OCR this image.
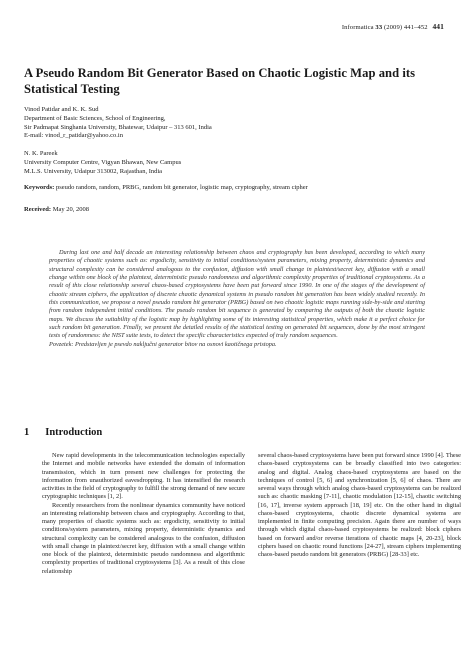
Informatica 33 (2009) 441–452 441
A Pseudo Random Bit Generator Based on Chaotic Logistic Map and its Statistical Testing
Vinod Patidar and K. K. Sud
Department of Basic Sciences, School of Engineering,
Sir Padmapat Singhania University, Bhatewar, Udaipur – 313 601, India
E-mail: vinod_r_patidar@yahoo.co.in
N. K. Pareek
University Computer Centre, Vigyan Bhawan, New Campus
M.L.S. University, Udaipur 313002, Rajasthan, India
Keywords: pseudo random, random, PRBG, random bit generator, logistic map, cryptography, stream cipher
Received: May 20, 2008
During last one and half decade an interesting relationship between chaos and cryptography has been developed, according to which many properties of chaotic systems such as: ergodicity, sensitivity to initial conditions/system parameters, mixing property, deterministic dynamics and structural complexity can be considered analogous to the confusion, diffusion with small change in plaintext/secret key, diffusion with a small change within one block of the plaintext, deterministic pseudo randomness and algorithmic complexity properties of traditional cryptosystems. As a result of this close relationship several chaos-based cryptosystems have been put forward since 1990. In one of the stages of the development of chaotic stream ciphers, the application of discrete chaotic dynamical systems in pseudo random bit generation has been widely studied recently. In this communication, we propose a novel pseudo random bit generator (PRBG) based on two chaotic logistic maps running side-by-side and starting from random independent initial conditions. The pseudo random bit sequence is generated by comparing the outputs of both the chaotic logistic maps. We discuss the suitability of the logistic map by highlighting some of its interesting statistical properties, which make it a perfect choice for such random bit generation. Finally, we present the detailed results of the statistical testing on generated bit sequences, done by the most stringent tests of randomness: the NIST suite tests, to detect the specific characteristics expected of truly random sequences.
Povzetek: Predstavljen je psevdo naključni generator bitov na osnovi kaotičnega pristopa.
1 Introduction

New rapid developments in the telecommunication technologies especially the Internet and mobile networks have extended the domain of information transmission, which in turn present new challenges for protecting the information from unauthorized eavesdropping. It has intensified the research activities in the field of cryptography to fulfill the strong demand of new secure cryptographic techniques [1, 2].

Recently researchers from the nonlinear dynamics community have noticed an interesting relationship between chaos and cryptography. According to that, many properties of chaotic systems such as: ergodicity, sensitivity to initial conditions/system parameters, mixing property, deterministic dynamics and structural complexity can be considered analogous to the confusion, diffusion with small change in plaintext/secret key, diffusion with a small change within one block of the plaintext, deterministic pseudo randomness and algorithmic complexity properties of traditional cryptosystems [3]. As a result of this close relationship

several chaos-based cryptosystems have been put forward since 1990 [4]. These chaos-based cryptosystems can be broadly classified into two categories: analog and digital. Analog chaos-based cryptosystems are based on the techniques of control [5, 6] and synchronization [5, 6] of chaos. There are several ways through which analog chaos-based cryptosystems can be realized such as: chaotic masking [7-11], chaotic modulation [12-15], chaotic switching [16, 17], inverse system approach [18, 19] etc. On the other hand in digital chaos-based cryptosystems, chaotic discrete dynamical systems are implemented in finite computing precision. Again there are number of ways through which digital chaos-based cryptosystems be realized: block ciphers based on forward and/or reverse iterations of chaotic maps [4, 20-23], block ciphers based on chaotic round functions [24-27], stream ciphers implementing chaos-based pseudo random bit generators (PRBG) [28-33] etc.
